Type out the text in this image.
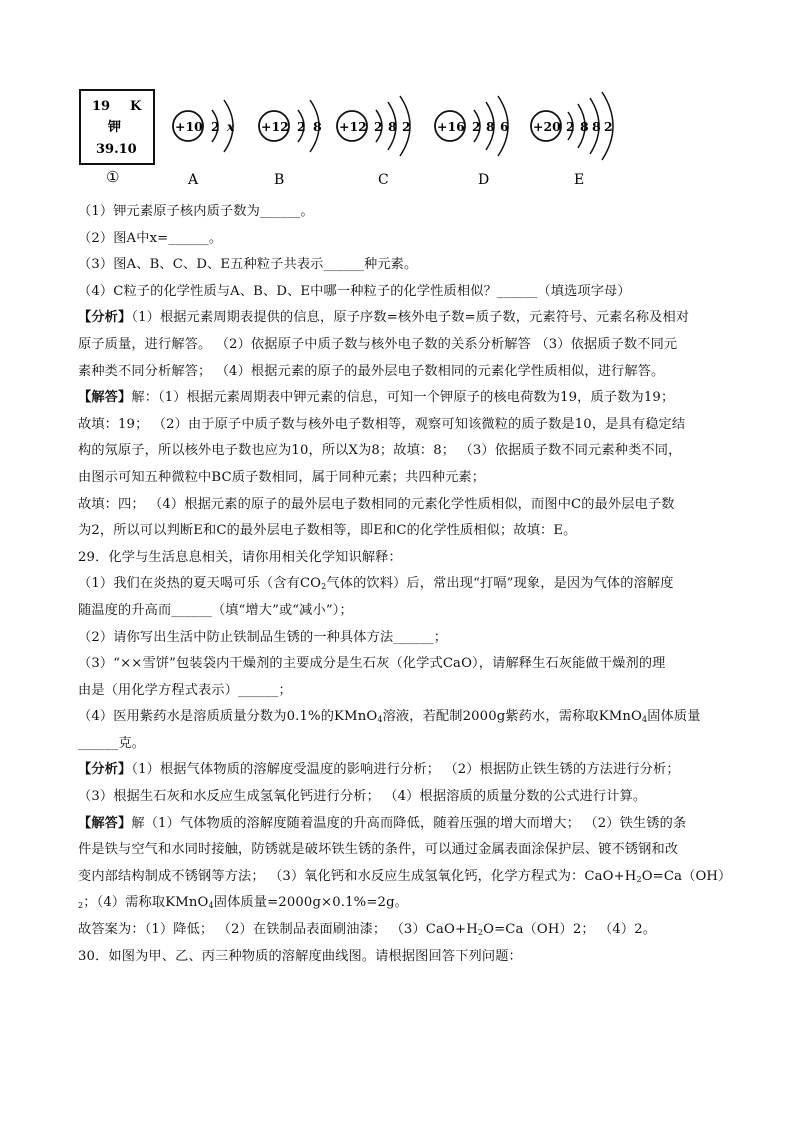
19 K
钾
39.10
①
+10 2 x
A
+12 2 8
B
+12 2 8 2
C
+16 2 8 6
D
+20 2 8 8 2
E
（1）钾元素原子核内质子数为______。
（2）图A中x=______。
（3）图A、B、C、D、E五种粒子共表示______种元素。
（4）C粒子的化学性质与A、B、D、E中哪一种粒子的化学性质相似？______（填选项字母）
【分析】（1）根据元素周期表提供的信息，原子序数=核外电子数=质子数，元素符号、元素名称及相对
原子质量，进行解答。 （2）依据原子中质子数与核外电子数的关系分析解答 （3）依据质子数不同元
素种类不同分析解答； （4）根据元素的原子的最外层电子数相同的元素化学性质相似，进行解答。
【解答】解：（1）根据元素周期表中钾元素的信息，可知一个钾原子的核电荷数为19，质子数为19；
故填：19； （2）由于原子中质子数与核外电子数相等，观察可知该微粒的质子数是10，是具有稳定结
构的氖原子，所以核外电子数也应为10，所以X为8；故填：8； （3）依据质子数不同元素种类不同，
由图示可知五种微粒中BC质子数相同，属于同种元素；共四种元素；
故填：四； （4）根据元素的原子的最外层电子数相同的元素化学性质相似，而图中C的最外层电子数
为2，所以可以判断E和C的最外层电子数相等，即E和C的化学性质相似；故填：E。
29．化学与生活息息相关，请你用相关化学知识解释：
（1）我们在炎热的夏天喝可乐（含有$CO_2$气体的饮料）后，常出现“打嗝”现象，是因为气体的溶解度
随温度的升高而______（填“增大”或“减小”）；
（2）请你写出生活中防止铁制品生锈的一种具体方法______；
（3）“××雪饼”包装袋内干燥剂的主要成分是生石灰（化学式CaO），请解释生石灰能做干燥剂的理
由是（用化学方程式表示）______；
（4）医用紫药水是溶质质量分数为0.1%的KMnO$_4$溶液，若配制2000g紫药水，需称取KMnO$_4$固体质量
______克。
【分析】（1）根据气体物质的溶解度受温度的影响进行分析； （2）根据防止铁生锈的方法进行分析；
（3）根据生石灰和水反应生成氢氧化钙进行分析； （4）根据溶质的质量分数的公式进行计算。
【解答】解（1）气体物质的溶解度随着温度的升高而降低，随着压强的增大而增大； （2）铁生锈的条
件是铁与空气和水同时接触，防锈就是破坏铁生锈的条件，可以通过金属表面涂保护层、镀不锈钢和改
变内部结构制成不锈钢等方法； （3）氧化钙和水反应生成氢氧化钙，化学方程式为：$CaO+H_2O=Ca(OH)$
$_2$；（4）需称取KMnO$_4$固体质量=2000g×0.1%=2g。
故答案为：（1）降低； （2）在铁制品表面刷油漆； $(3)CaO+H_2O=Ca(OH)2$； （4）2。
30．如图为甲、乙、丙三种物质的溶解度曲线图。请根据图回答下列问题：
